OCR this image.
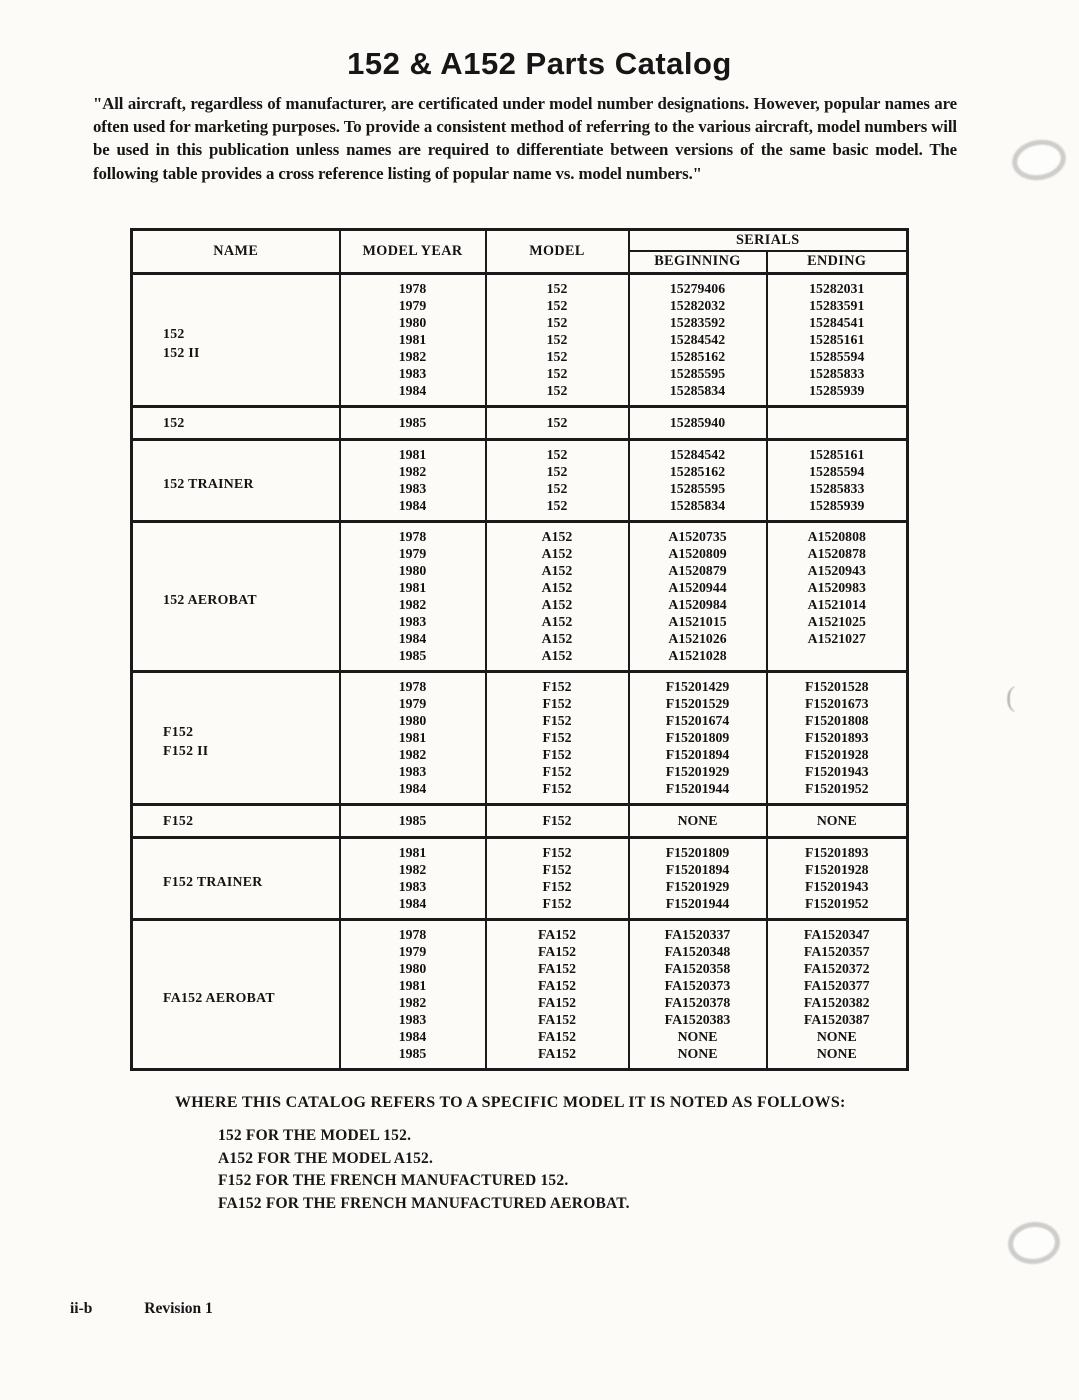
152 & A152 Parts Catalog

"All aircraft, regardless of manufacturer, are certificated under model number designations. However, popular names are often used for marketing purposes. To provide a consistent method of referring to the various aircraft, model numbers will be used in this publication unless names are required to differentiate between versions of the same basic model. The following table provides a cross reference listing of popular name vs. model numbers."

NAME	MODEL YEAR	MODEL	SERIALS	
			BEGINNING	ENDING

152
152 II	1978	152	15279406	15282031
	1979	152	15282032	15283591
	1980	152	15283592	15284541
	1981	152	15284542	15285161
	1982	152	15285162	15285594
	1983	152	15285595	15285833
	1984	152	15285834	15285939

152	1985	152	15285940	

152 TRAINER	1981	152	15284542	15285161
	1982	152	15285162	15285594
	1983	152	15285595	15285833
	1984	152	15285834	15285939

152 AEROBAT	1978	A152	A1520735	A1520808
	1979	A152	A1520809	A1520878
	1980	A152	A1520879	A1520943
	1981	A152	A1520944	A1520983
	1982	A152	A1520984	A1521014
	1983	A152	A1521015	A1521025
	1984	A152	A1521026	A1521027
	1985	A152	A1521028	

F152
F152 II	1978	F152	F15201429	F15201528
	1979	F152	F15201529	F15201673
	1980	F152	F15201674	F15201808
	1981	F152	F15201809	F15201893
	1982	F152	F15201894	F15201928
	1983	F152	F15201929	F15201943
	1984	F152	F15201944	F15201952

F152	1985	F152	NONE	NONE

F152 TRAINER	1981	F152	F15201809	F15201893
	1982	F152	F15201894	F15201928
	1983	F152	F15201929	F15201943
	1984	F152	F15201944	F15201952

FA152 AEROBAT	1978	FA152	FA1520337	FA1520347
	1979	FA152	FA1520348	FA1520357
	1980	FA152	FA1520358	FA1520372
	1981	FA152	FA1520373	FA1520377
	1982	FA152	FA1520378	FA1520382
	1983	FA152	FA1520383	FA1520387
	1984	FA152	NONE	NONE
	1985	FA152	NONE	NONE
WHERE THIS CATALOG REFERS TO A SPECIFIC MODEL IT IS NOTED AS FOLLOWS:
152 FOR THE MODEL 152.
A152 FOR THE MODEL A152.
F152 FOR THE FRENCH MANUFACTURED 152.
FA152 FOR THE FRENCH MANUFACTURED AEROBAT.
ii-b	Revision 1
(
